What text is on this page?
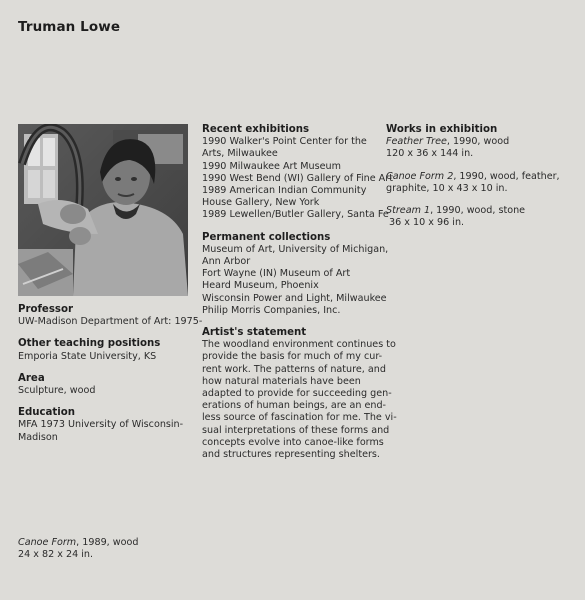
Truman Lowe
Professor
UW-Madison Department of Art: 1975-
Other teaching positions
Emporia State University, KS
Area
Sculpture, wood
Education
MFA 1973 University of Wisconsin-
Madison
Canoe Form, 1989, wood
24 x 82 x 24 in.
Recent exhibitions
1990 Walker's Point Center for the
Arts, Milwaukee
1990 Milwaukee Art Museum
1990 West Bend (WI) Gallery of Fine Art
1989 American Indian Community
House Gallery, New York
1989 Lewellen/Butler Gallery, Santa Fe
Permanent collections
Museum of Art, University of Michigan,
Ann Arbor
Fort Wayne (IN) Museum of Art
Heard Museum, Phoenix
Wisconsin Power and Light, Milwaukee
Philip Morris Companies, Inc.
Artist's statement
The woodland environment continues to
provide the basis for much of my cur-
rent work. The patterns of nature, and
how natural materials have been
adapted to provide for succeeding gen-
erations of human beings, are an end-
less source of fascination for me. The vi-
sual interpretations of these forms and
concepts evolve into canoe-like forms
and structures representing shelters.
Works in exhibition
Feather Tree, 1990, wood
120 x 36 x 144 in.
Canoe Form 2, 1990, wood, feather,
graphite, 10 x 43 x 10 in.
Stream 1, 1990, wood, stone
36 x 10 x 96 in.
